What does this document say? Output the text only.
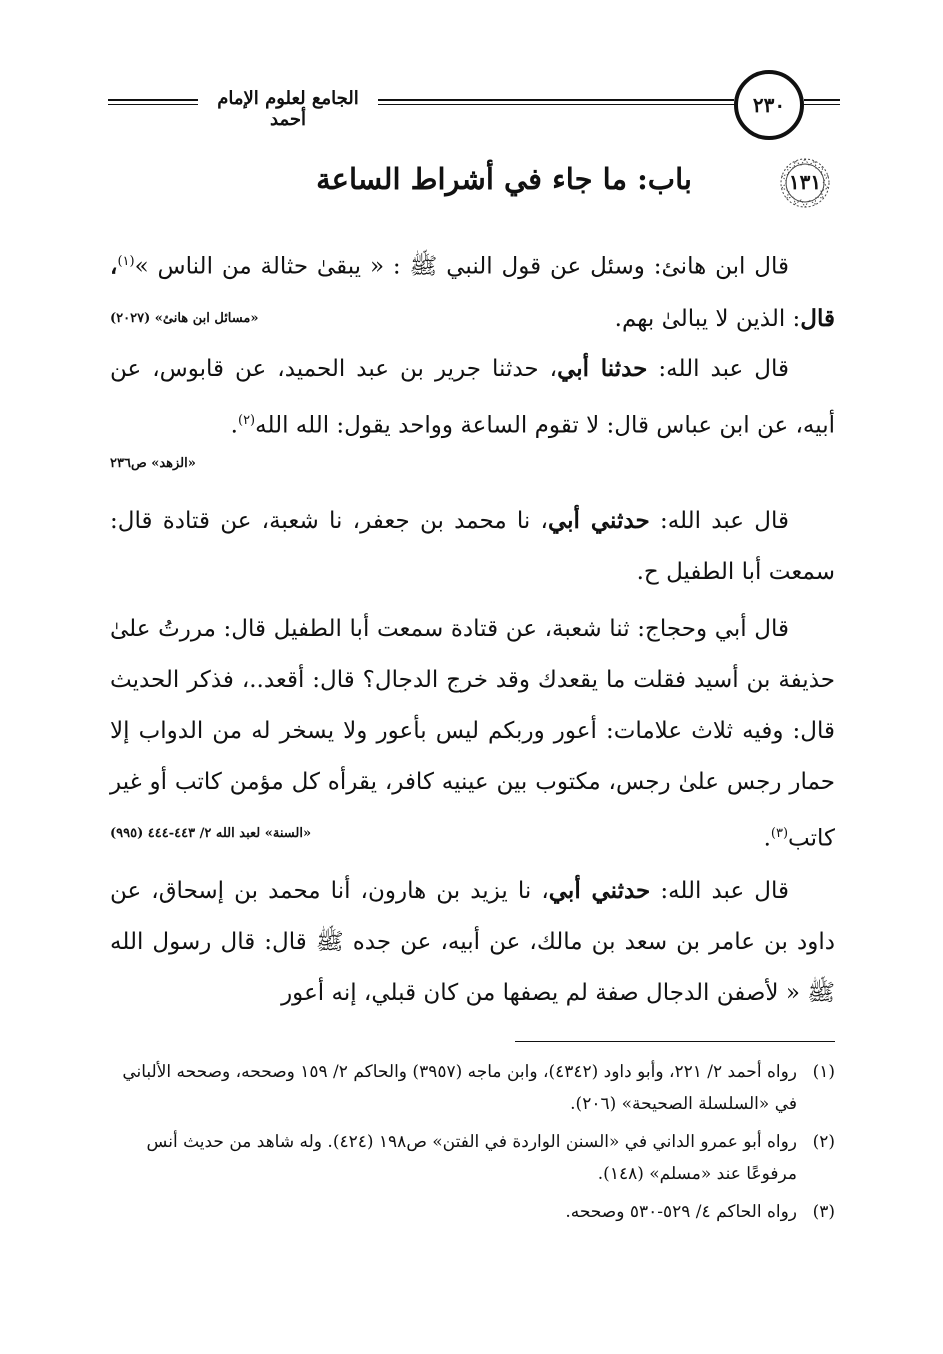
الجامع لعلوم الإمام أحمد
٢٣٠
باب: ما جاء في أشراط الساعة	١٣١

قال ابن هانئ: وسئل عن قول النبي ﷺ : « يبقىٰ حثالة من الناس »$^{(١)}$، قال: الذين لا يبالىٰ بهم.
«مسائل ابن هانئ» (٢٠٢٧)

قال عبد الله: حدثنا أبي، حدثنا جرير بن عبد الحميد، عن قابوس، عن أبيه، عن ابن عباس قال: لا تقوم الساعة وواحد يقول: الله الله$^{(٢)}$.

«الزهد» ص٢٣٦

قال عبد الله: حدثني أبي، نا محمد بن جعفر، نا شعبة، عن قتادة قال: سمعت أبا الطفيل ح.

قال أبي وحجاج: ثنا شعبة، عن قتادة سمعت أبا الطفيل قال: مررتُ علىٰ حذيفة بن أسيد فقلت ما يقعدك وقد خرج الدجال؟ قال: أقعد..، فذكر الحديث قال: وفيه ثلاث علامات: أعور وربكم ليس بأعور ولا يسخر له من الدواب إلا حمار رجس علىٰ رجس، مكتوب بين عينيه كافر، يقرأه كل مؤمن كاتب أو غير كاتب$^{(٣)}$.
«السنة» لعبد الله ٢/ ٤٤٣-٤٤٤ (٩٩٥)

قال عبد الله: حدثني أبي، نا يزيد بن هارون، أنا محمد بن إسحاق، عن داود بن عامر بن سعد بن مالك، عن أبيه، عن جده ﷺ قال: قال رسول الله ﷺ « لأصفن الدجال صفة لم يصفها من كان قبلي، إنه أعور

(١)
رواه أحمد ٢/ ٢٢١، وأبو داود (٤٣٤٢)، وابن ماجه (٣٩٥٧) والحاكم ٢/ ١٥٩ وصححه، وصححه الألباني في «السلسلة الصحيحة» (٢٠٦).
(٢)
رواه أبو عمرو الداني في «السنن الواردة في الفتن» ص١٩٨ (٤٢٤). وله شاهد من حديث أنس مرفوعًا عند «مسلم» (١٤٨).
(٣)
رواه الحاكم ٤/ ٥٢٩-٥٣٠ وصححه.
